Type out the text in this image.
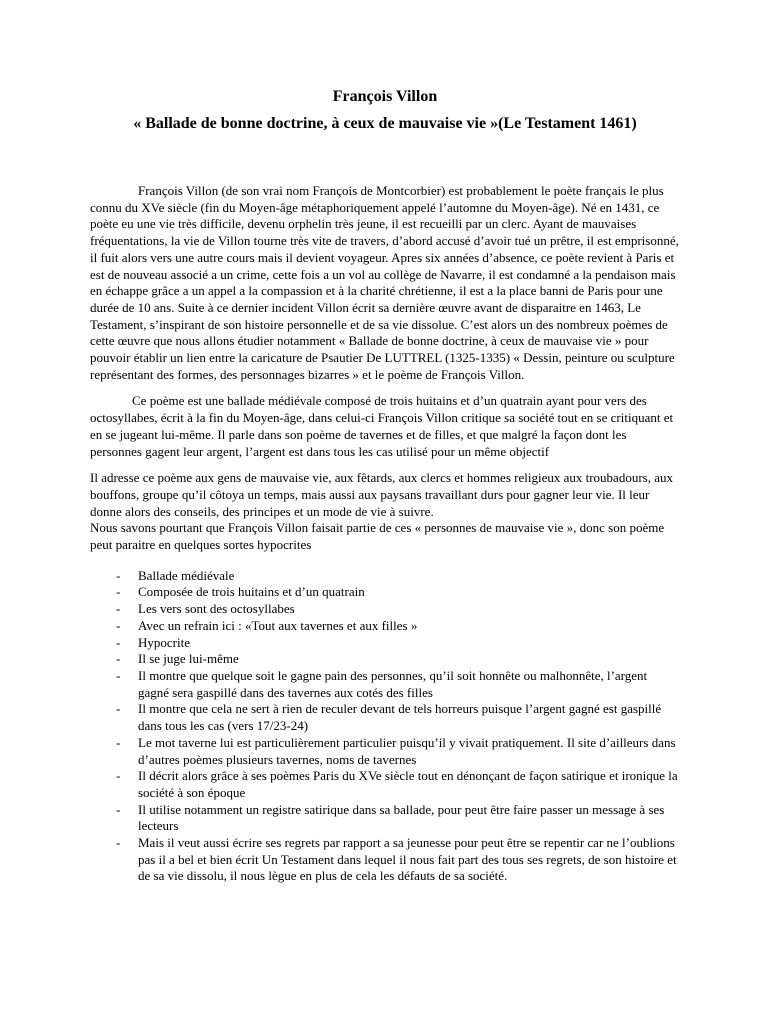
François Villon
« Ballade de bonne doctrine, à ceux de mauvaise vie »(Le Testament 1461)

François Villon (de son vrai nom François de Montcorbier) est probablement le poète français le plus connu du XVe siècle (fin du Moyen-âge métaphoriquement appelé l’automne du Moyen-âge). Né en 1431, ce poète eu une vie très difficile, devenu orphelin très jeune, il est recueilli par un clerc. Ayant de mauvaises fréquentations, la vie de Villon tourne très vite de travers, d’abord accusé d’avoir tué un prêtre, il est emprisonné, il fuit alors vers une autre cours mais il devient voyageur. Apres six années d’absence, ce poète revient à Paris et est de nouveau associé a un crime, cette fois a un vol au collège de Navarre, il est condamné a la pendaison mais en échappe grâce a un appel a la compassion et à la charité chrétienne, il est a la place banni de Paris pour une durée de 10 ans. Suite à ce dernier incident Villon écrit sa dernière œuvre avant de disparaitre en 1463, Le Testament, s’inspirant de son histoire personnelle et de sa vie dissolue. C’est alors un des nombreux poèmes de cette œuvre que nous allons étudier notamment « Ballade de bonne doctrine, à ceux de mauvaise vie » pour pouvoir établir un lien entre la caricature de Psautier De LUTTREL (1325-1335) « Dessin, peinture ou sculpture représentant des formes, des personnages bizarres » et le poème de François Villon.

Ce poème est une ballade médiévale composé de trois huitains et d’un quatrain ayant pour vers des octosyllabes, écrit à la fin du Moyen-âge, dans celui-ci François Villon critique sa société tout en se critiquant et en se jugeant lui-même. Il parle dans son poème de tavernes et de filles, et que malgré la façon dont les personnes gagent leur argent, l’argent est dans tous les cas utilisé pour un même objectif

Il adresse ce poème aux gens de mauvaise vie, aux fêtards, aux clercs et hommes religieux aux troubadours, aux bouffons, groupe qu’il côtoya un temps, mais aussi aux paysans travaillant durs pour gagner leur vie. Il leur donne alors des conseils, des principes et un mode de vie à suivre.

Nous savons pourtant que François Villon faisait partie de ces « personnes de mauvaise vie », donc son poème peut paraitre en quelques sortes hypocrites

- Ballade médiévale
- Composée de trois huitains et d’un quatrain
- Les vers sont des octosyllabes
- Avec un refrain ici : «Tout aux tavernes et aux filles »
- Hypocrite
- Il se juge lui-même
- Il montre que quelque soit le gagne pain des personnes, qu’il soit honnête ou malhonnête, l’argent gagné sera gaspillé dans des tavernes aux cotés des filles
- Il montre que cela ne sert à rien de reculer devant de tels horreurs puisque l’argent gagné est gaspillé dans tous les cas (vers 17/23-24)
- Le mot taverne lui est particulièrement particulier puisqu’il y vivait pratiquement. Il site d’ailleurs dans d’autres poèmes plusieurs tavernes, noms de tavernes
- Il décrit alors grâce à ses poèmes Paris du XVe siècle tout en dénonçant de façon satirique et ironique la société à son époque
- Il utilise notamment un registre satirique dans sa ballade, pour peut être faire passer un message à ses lecteurs
- Mais il veut aussi écrire ses regrets par rapport a sa jeunesse pour peut être se repentir car ne l’oublions pas il a bel et bien écrit Un Testament dans lequel il nous fait part des tous ses regrets, de son histoire et de sa vie dissolu, il nous lègue en plus de cela les défauts de sa société.
